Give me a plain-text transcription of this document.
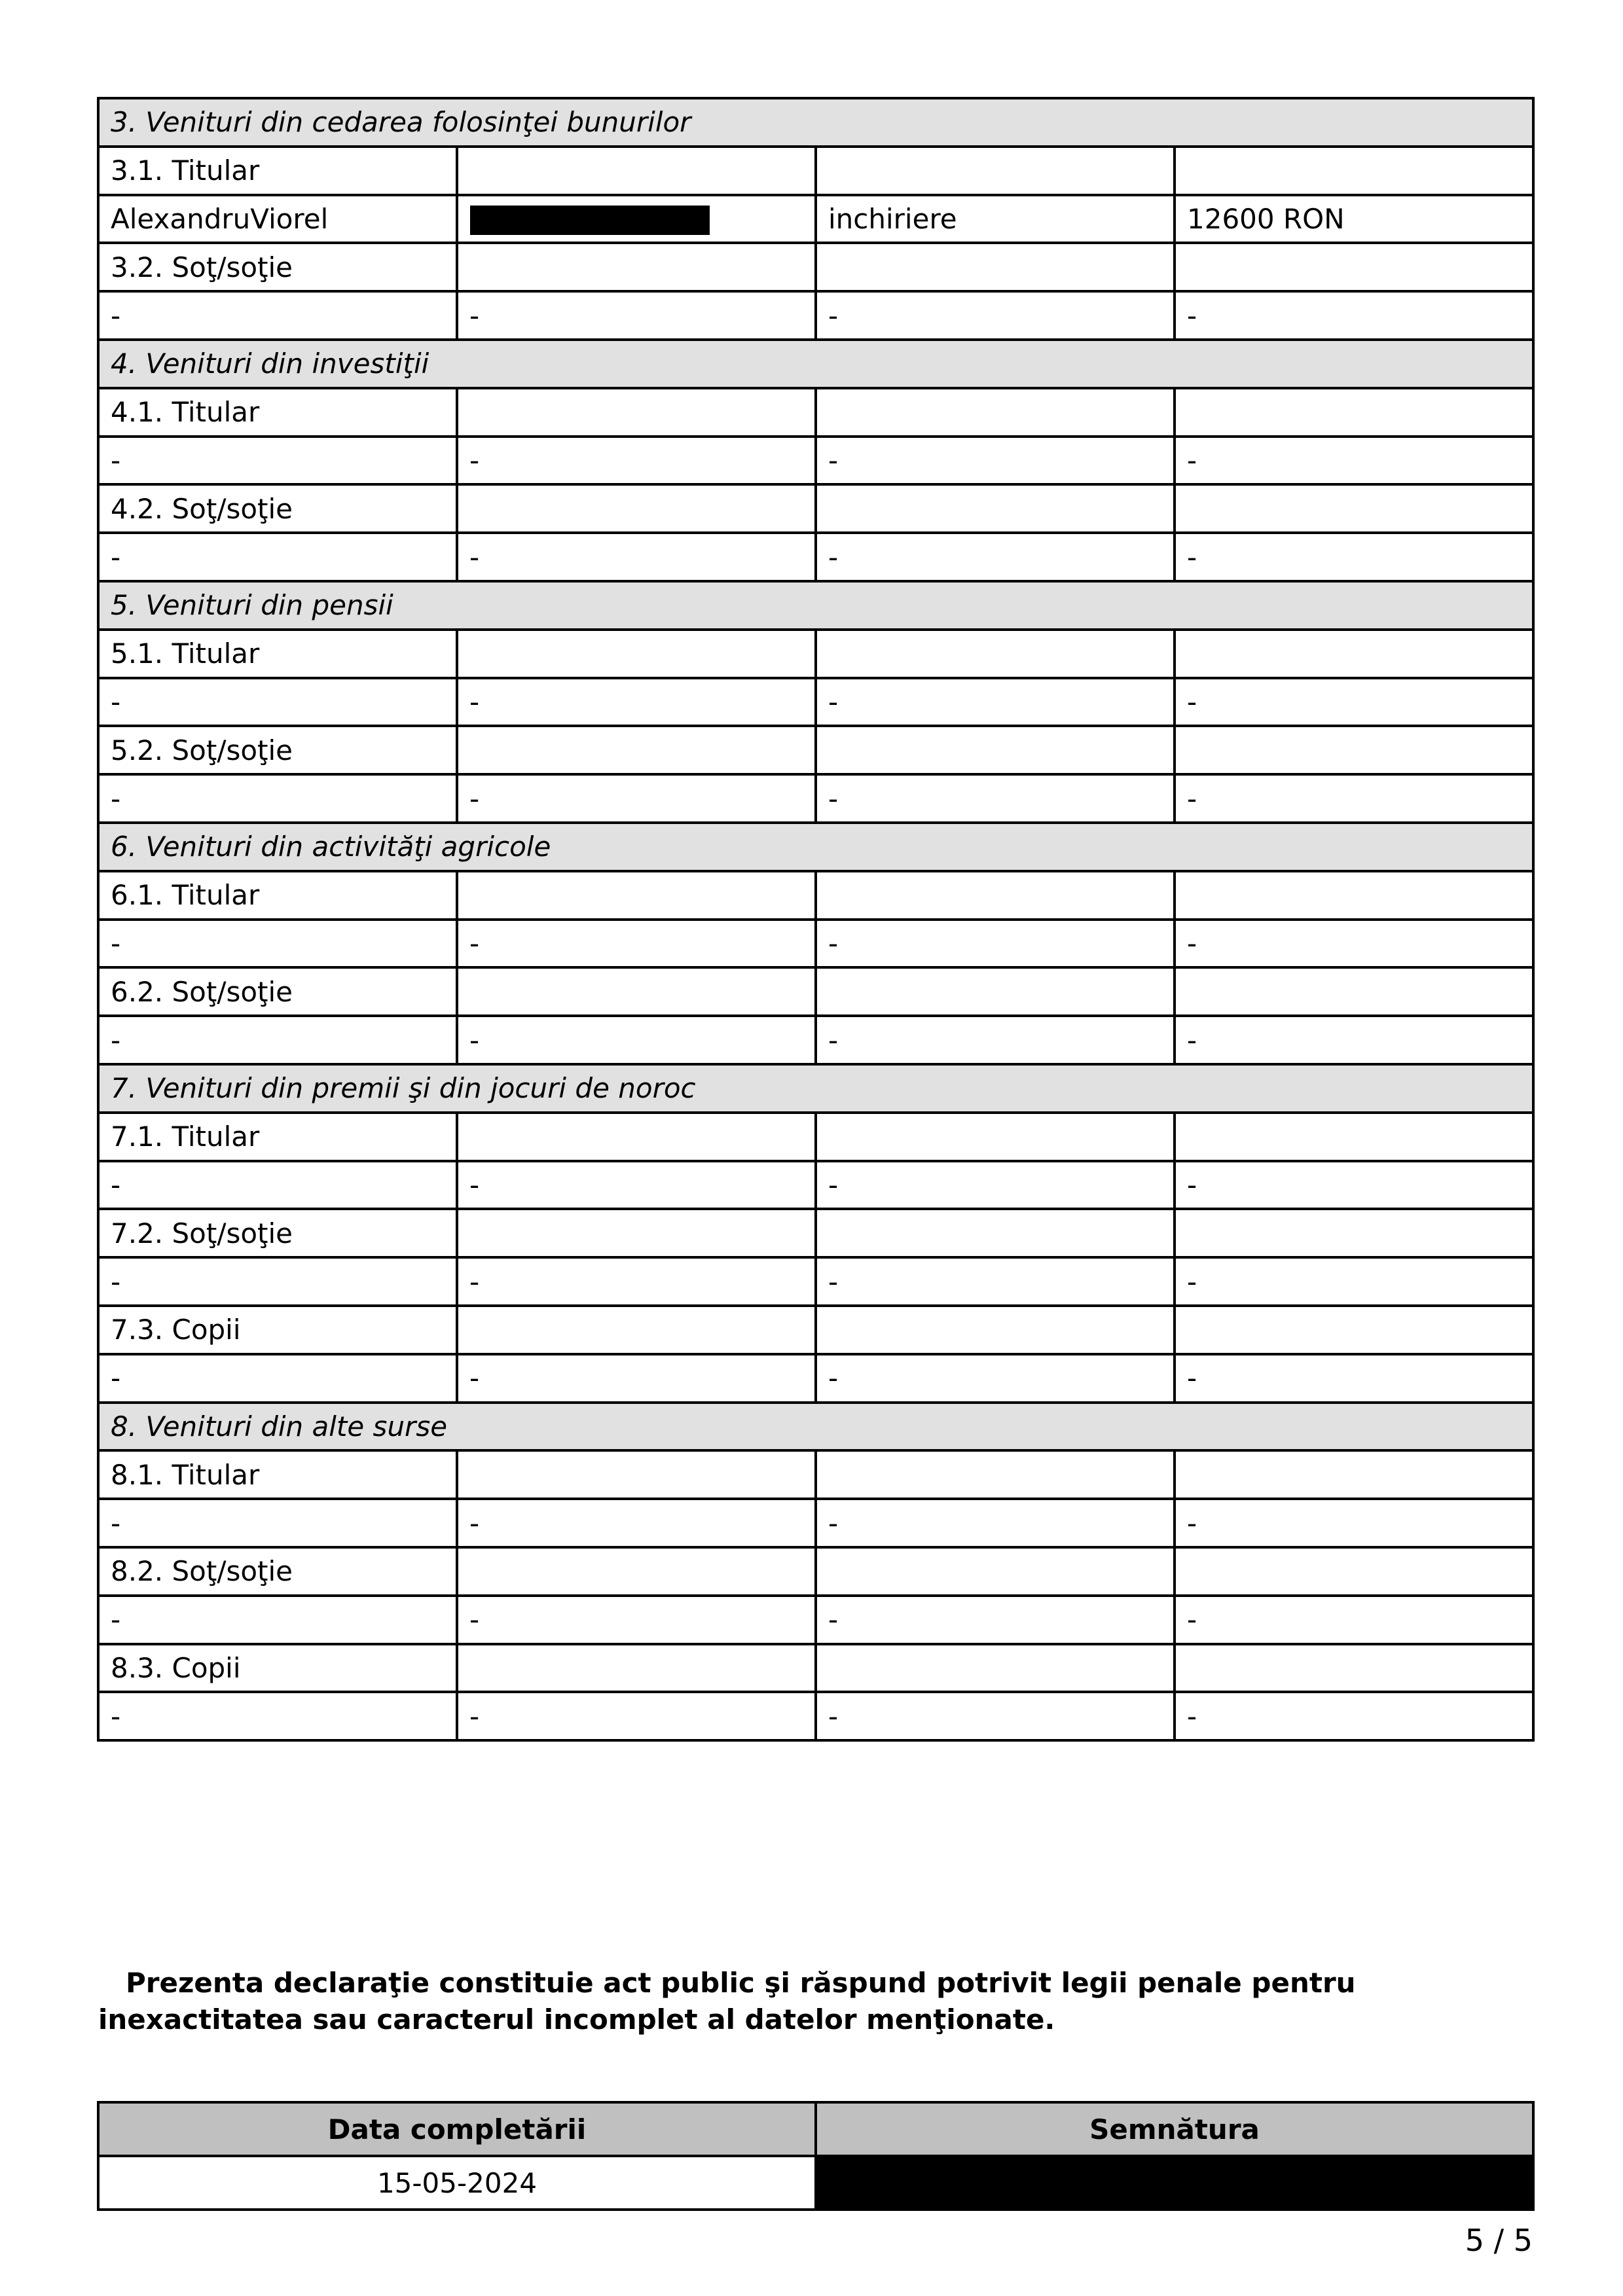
3. Venituri din cedarea folosinţei bunurilor			
3.1. Titular			
AlexandruViorel		inchiriere	12600 RON
3.2. Soţ/soţie			
-	-	-	-
4. Venituri din investiţii			
4.1. Titular			
-	-	-	-
4.2. Soţ/soţie			
-	-	-	-
5. Venituri din pensii			
5.1. Titular			
-	-	-	-
5.2. Soţ/soţie			
-	-	-	-
6. Venituri din activităţi agricole			
6.1. Titular			
-	-	-	-
6.2. Soţ/soţie			
-	-	-	-
7. Venituri din premii şi din jocuri de noroc			
7.1. Titular			
-	-	-	-
7.2. Soţ/soţie			
-	-	-	-
7.3. Copii			
-	-	-	-
8. Venituri din alte surse			
8.1. Titular			
-	-	-	-
8.2. Soţ/soţie			
-	-	-	-
8.3. Copii			
-	-	-	-

 Prezenta declaraţie constituie act public şi răspund potrivit legii penale pentru inexactitatea sau caracterul incomplet al datelor menţionate.

Data completării	Semnătura
15-05-2024	
5 / 5
